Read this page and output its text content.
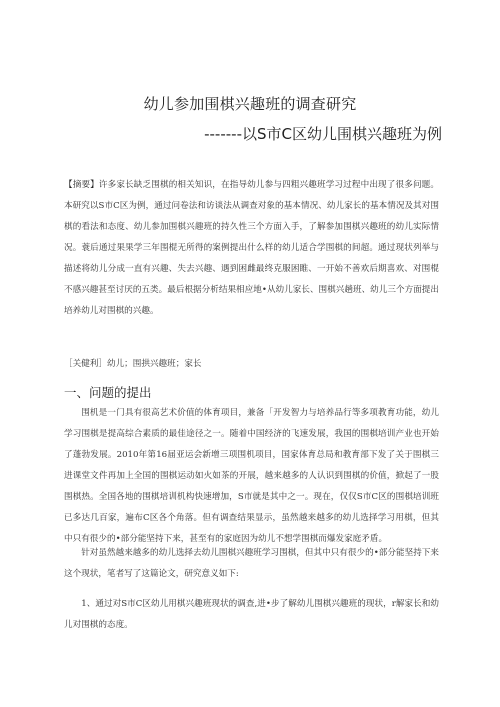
幼儿参加围棋兴趣班的调查研究
-------以S市C区幼儿围棋兴趣班为例
【摘要】许多家长缺乏围棋的相关知识，在指导幼儿参与四粗兴趣班学习过程中出现了很多问题。本研究以S市C区为例，通过问卷法和访谈法从调查对象的基本情况、幼儿家长的基本情况及其对围棋的看法和态度、幼儿参加围棋兴趣班的持久性三个方面入手，了解参加围棋兴趣班的幼儿实际情况。蓑后通过果果学三年围棍无所得的案例提出什么样的幼儿适合学围棋的间超。通过现状列举与描述将幼儿分成一直有兴趣、失去兴趣、遇到困雌最终克服困睢、一开始不善欢后期喜欢、对围棍不感兴趣甚至讨厌的五类。最后根据分析结果相应地•从幼儿家长、围棋兴趟班、幼儿三个方面提出培养幼儿对围棋的兴趣。
［关健利］幼儿；围拱兴趣班；家长
一、问题的提出
围机是一门具有很高艺术价值的体育项目，兼备「开发智力与培养品行等多项教育功能，幼儿学习围棋是提高综合素质的最佳途径之一。随着中国经济的飞速发展，我国的围棋培训产业也开始了蓬勃发展。2010年第16届亚运会新增三项围机项目，国家体育总局和教育部下发了关于围棋三进课堂文件再加上全国的围棋运动如火如茶的开展，越来越多的人认识到围棋的价值，掀起了一股围棋热。全国各地的围棋培训机构快速增加，S市就是其中之一。现在，仅仅S市C区的围棋培训班已多达几百家，遍布C区各个角落。但有调查结果显示，虽然越来越多的幼儿选择学习用棋，但其中只有很少的•部分能坚持下来，甚至有的家庭因为幼儿不想学围棋而爆发家庭矛盾。
针对虽然越来越多的幼儿选择去幼儿围棋兴趣班学习围棋，但其中只有很少的•部分能坚持下来这个现状，笔者写了这篇论文，研究意义如下:
1、通过对S市C区幼儿用棋兴趣班现状的调查,进•步了解幼儿围棋兴趣班的现状，r解家长和幼儿对围棋的态度。
